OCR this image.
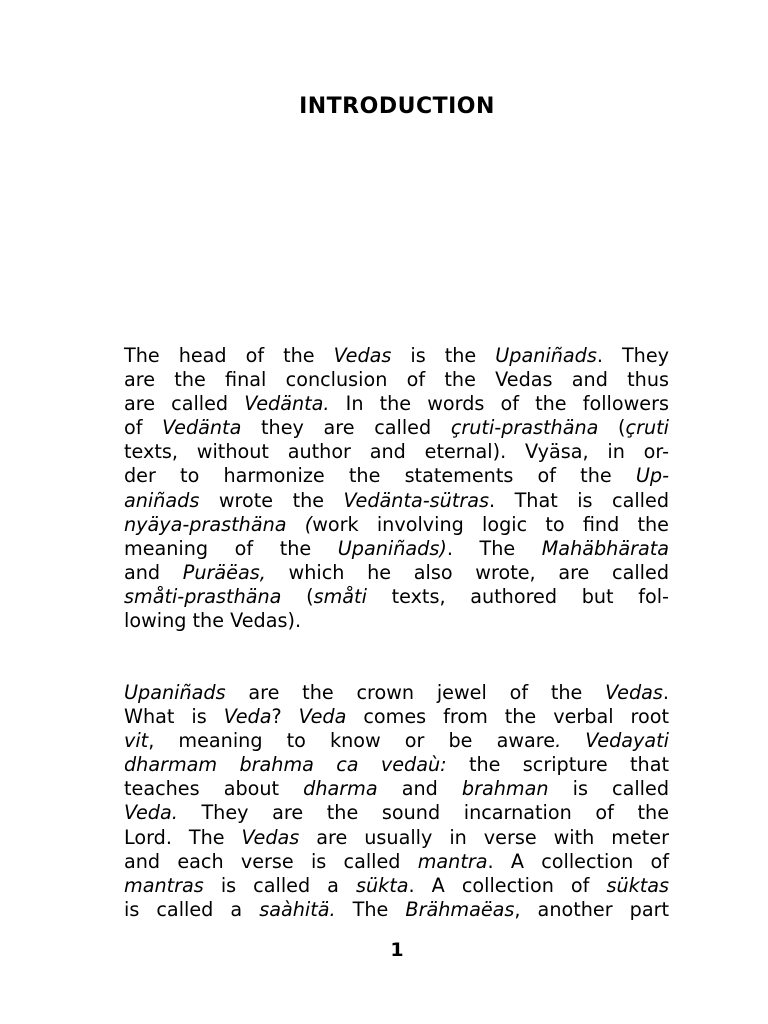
INTRODUCTION
The head of the Vedas is the Upaniñads. They
are the final conclusion of the Vedas and thus
are called Vedänta. In the words of the followers
of Vedänta they are called çruti-prasthäna (çruti
texts, without author and eternal). Vyäsa, in or-
der to harmonize the statements of the Up-
aniñads wrote the Vedänta-sütras. That is called
nyäya-prasthäna (work involving logic to find the
meaning of the Upaniñads). The Mahäbhärata
and Puräëas, which he also wrote, are called
småti-prasthäna (småti texts, authored but fol-
lowing the Vedas).
Upaniñads are the crown jewel of the Vedas.
What is Veda? Veda comes from the verbal root
vit, meaning to know or be aware. Vedayati
dharmam brahma ca vedaù: the scripture that
teaches about dharma and brahman is called
Veda. They are the sound incarnation of the
Lord. The Vedas are usually in verse with meter
and each verse is called mantra. A collection of
mantras is called a sükta. A collection of süktas
is called a saàhitä. The Brähmaëas, another part
1
